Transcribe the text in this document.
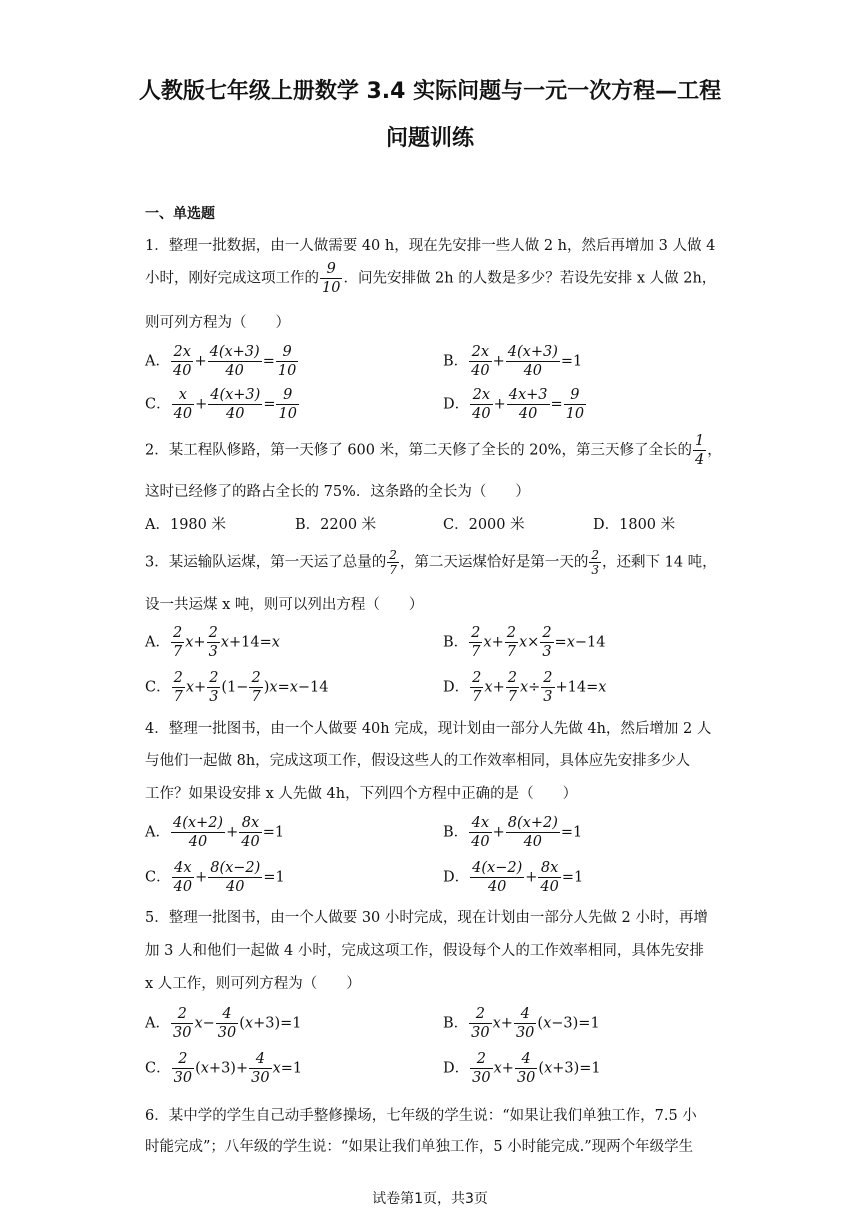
人教版七年级上册数学 3.4 实际问题与一元一次方程—工程
问题训练
一、单选题
1．整理一批数据，由一人做需要 40 h，现在先安排一些人做 2 h，然后再增加 3 人做 4
小时，刚好完成这项工作的 $\frac{9}{10}$ ．问先安排做 2h 的人数是多少？若设先安排 x 人做 2h，
则可列方程为（　　）
A． $\frac{2x}{40} + \frac{4(x+3)}{40} = \frac{9}{10}$	B． $\frac{2x}{40} + \frac{4(x+3)}{40} =1$
C． $\frac{x}{40} + \frac{4(x+3)}{40} = \frac{9}{10}$	D． $\frac{2x}{40} + \frac{4x+3}{40} = \frac{9}{10}$
2．某工程队修路，第一天修了 600 米，第二天修了全长的 20%，第三天修了全长的 $\frac{1}{4}$ ，
这时已经修了的路占全长的 75%．这条路的全长为（　　）
A．1980 米	B．2200 米	C．2000 米	D．1800 米
3．某运输队运煤，第一天运了总量的 $\frac{2}{7}$ ，第二天运煤恰好是第一天的 $\frac{2}{3}$ ，还剩下 14 吨，
设一共运煤 x 吨，则可以列出方程（　　）
A． $\frac{2}{7} x+ \frac{2}{3} x+14=x$	B． $\frac{2}{7} x+ \frac{2}{7} x\times \frac{2}{3} =x-14$
C． $\frac{2}{7} x+ \frac{2}{3} (1- \frac{2}{7} )x=x-14$	D． $\frac{2}{7} x+ \frac{2}{7} x\div \frac{2}{3} +14=x$
4．整理一批图书，由一个人做要 40h 完成，现计划由一部分人先做 4h，然后增加 2 人
与他们一起做 8h，完成这项工作，假设这些人的工作效率相同，具体应先安排多少人
工作？如果设安排 x 人先做 4h，下列四个方程中正确的是（　　）
A． $\frac{4(x+2)}{40} + \frac{8x}{40} =1$	B． $\frac{4x}{40} + \frac{8(x+2)}{40} =1$
C． $\frac{4x}{40} + \frac{8(x-2)}{40} =1$	D． $\frac{4(x-2)}{40} + \frac{8x}{40} =1$
5．整理一批图书，由一个人做要 30 小时完成，现在计划由一部分人先做 2 小时，再增
加 3 人和他们一起做 4 小时，完成这项工作，假设每个人的工作效率相同，具体先安排
x 人工作，则可列方程为（　　）
A． $\frac{2}{30} x- \frac{4}{30} (x+3)=1$	B． $\frac{2}{30} x+ \frac{4}{30} (x-3)=1$
C． $\frac{2}{30} (x+3)+ \frac{4}{30} x=1$	D． $\frac{2}{30} x+ \frac{4}{30} (x+3)=1$
6．某中学的学生自己动手整修操场，七年级的学生说：“如果让我们单独工作，7.5 小
时能完成”；八年级的学生说：“如果让我们单独工作，5 小时能完成.”现两个年级学生
试卷第1页，共3页
